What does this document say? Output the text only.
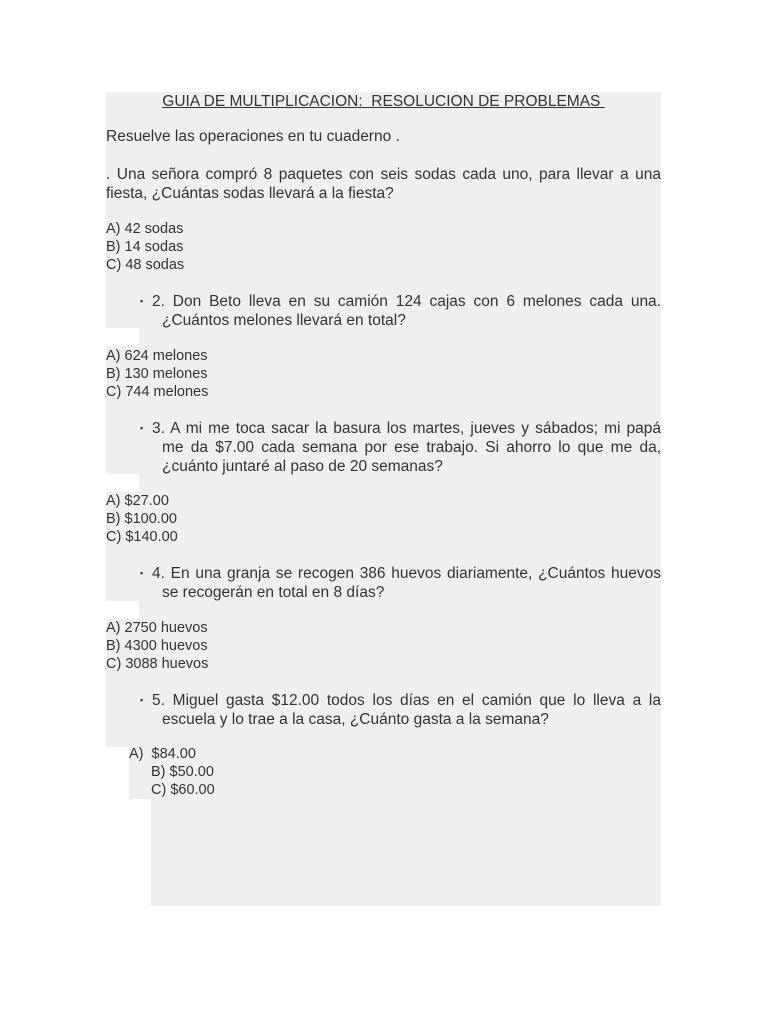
GUIA DE MULTIPLICACION:  RESOLUCION DE PROBLEMAS
Resuelve las operaciones en tu cuaderno .
. Una señora compró 8 paquetes con seis sodas cada uno, para llevar a una fiesta, ¿Cuántas sodas llevará a la fiesta?
A) 42 sodas
B) 14 sodas
C) 48 sodas
▪ 2. Don Beto lleva en su camión 124 cajas con 6 melones cada una. ¿Cuántos melones llevará en total?
A) 624 melones
B) 130 melones
C) 744 melones
▪ 3. A mi me toca sacar la basura los martes, jueves y sábados; mi papá me da $7.00 cada semana por ese trabajo. Si ahorro lo que me da, ¿cuánto juntaré al paso de 20 semanas?
A) $27.00
B) $100.00
C) $140.00
▪ 4. En una granja se recogen 386 huevos diariamente, ¿Cuántos huevos se recogerán en total en 8 días?
A) 2750 huevos
B) 4300 huevos
C) 3088 huevos
▪ 5. Miguel gasta $12.00 todos los días en el camión que lo lleva a la escuela y lo trae a la casa, ¿Cuánto gasta a la semana?
A)  $84.00
B) $50.00
C) $60.00
